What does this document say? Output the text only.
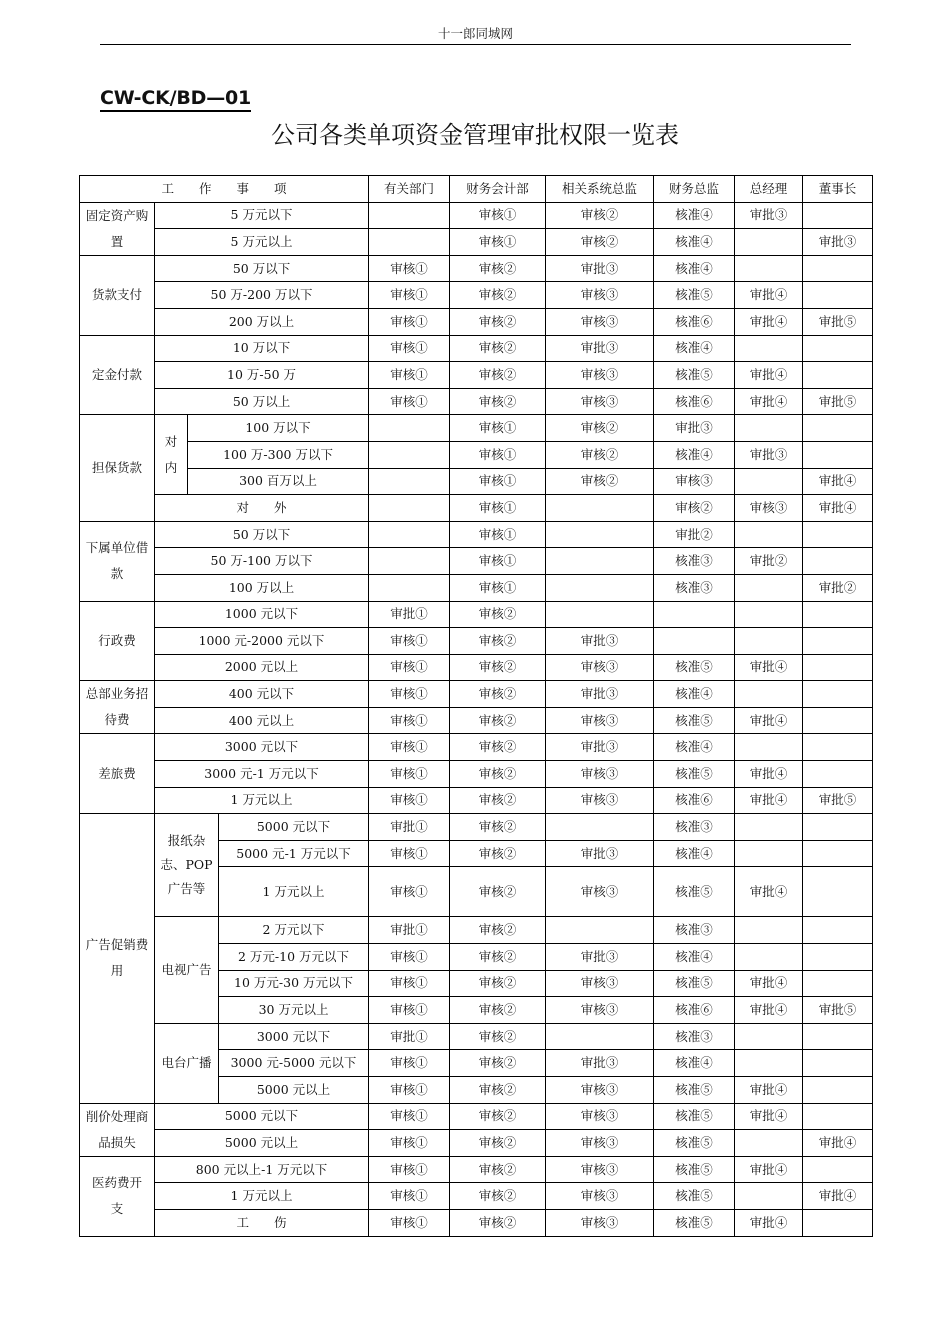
十一郎同城网
CW-CK/BD—01
公司各类单项资金管理审批权限一览表
工　　作　　事　　项				有关部门	财务会计部	相关系统总监	财务总监	总经理	董事长
固定资产购　置	5 万元以下				审核①	审核②	核准④	审批③	
	5 万元以上				审核①	审核②	核准④		审批③
货款支付	50 万以下			审核①	审核②	审批③	核准④		
	50 万-200 万以下			审核①	审核②	审核③	核准⑤	审批④	
	200 万以上			审核①	审核②	审核③	核准⑥	审批④	审批⑤
定金付款	10 万以下			审核①	审核②	审批③	核准④		
	10 万-50 万			审核①	审核②	审核③	核准⑤	审批④	
	50 万以上			审核①	审核②	审核③	核准⑥	审批④	审批⑤
担保货款	对　内	100 万以下			审核①	审核②	审批③		
		100 万-300 万以下			审核①	审核②	核准④	审批③	
		300 百万以上			审核①	审核②	审核③		审批④
	对　　外				审核①		审核②	审核③	审批④
下属单位借　款	50 万以下				审核①		审批②		
	50 万-100 万以下				审核①		核准③	审批②	
	100 万以上				审核①		核准③		审批②
行政费	1000 元以下			审批①	审核②				
	1000 元-2000 元以下			审核①	审核②	审批③			
	2000 元以上			审核①	审核②	审核③	核准⑤	审批④	
总部业务招待费	400 元以下			审核①	审核②	审批③	核准④		
	400 元以上			审核①	审核②	审核③	核准⑤	审批④	
差旅费	3000 元以下			审核①	审核②	审批③	核准④		
	3000 元-1 万元以下			审核①	审核②	审核③	核准⑤	审批④	
	1 万元以上			审核①	审核②	审核③	核准⑥	审批④	审批⑤
广告促销费用	报纸杂志、POP广告等		5000 元以下	审批①	审核②		核准③		
			5000 元-1 万元以下	审核①	审核②	审批③	核准④		
			1 万元以上	审核①	审核②	审核③	核准⑤	审批④	
	电视广告		2 万元以下	审批①	审核②		核准③		
			2 万元-10 万元以下	审核①	审核②	审批③	核准④		
			10 万元-30 万元以下	审核①	审核②	审核③	核准⑤	审批④	
			30 万元以上	审核①	审核②	审核③	核准⑥	审批④	审批⑤
	电台广播		3000 元以下	审批①	审核②		核准③		
			3000 元-5000 元以下	审核①	审核②	审批③	核准④		
			5000 元以上	审核①	审核②	审核③	核准⑤	审批④	
削价处理商品损失	5000 元以下			审核①	审核②	审核③	核准⑤	审批④	
	5000 元以上			审核①	审核②	审核③	核准⑤		审批④
医药费开　支	800 元以上-1 万元以下			审核①	审核②	审核③	核准⑤	审批④	
	1 万元以上			审核①	审核②	审核③	核准⑤		审批④
	工　　伤			审核①	审核②	审核③	核准⑤	审批④	
